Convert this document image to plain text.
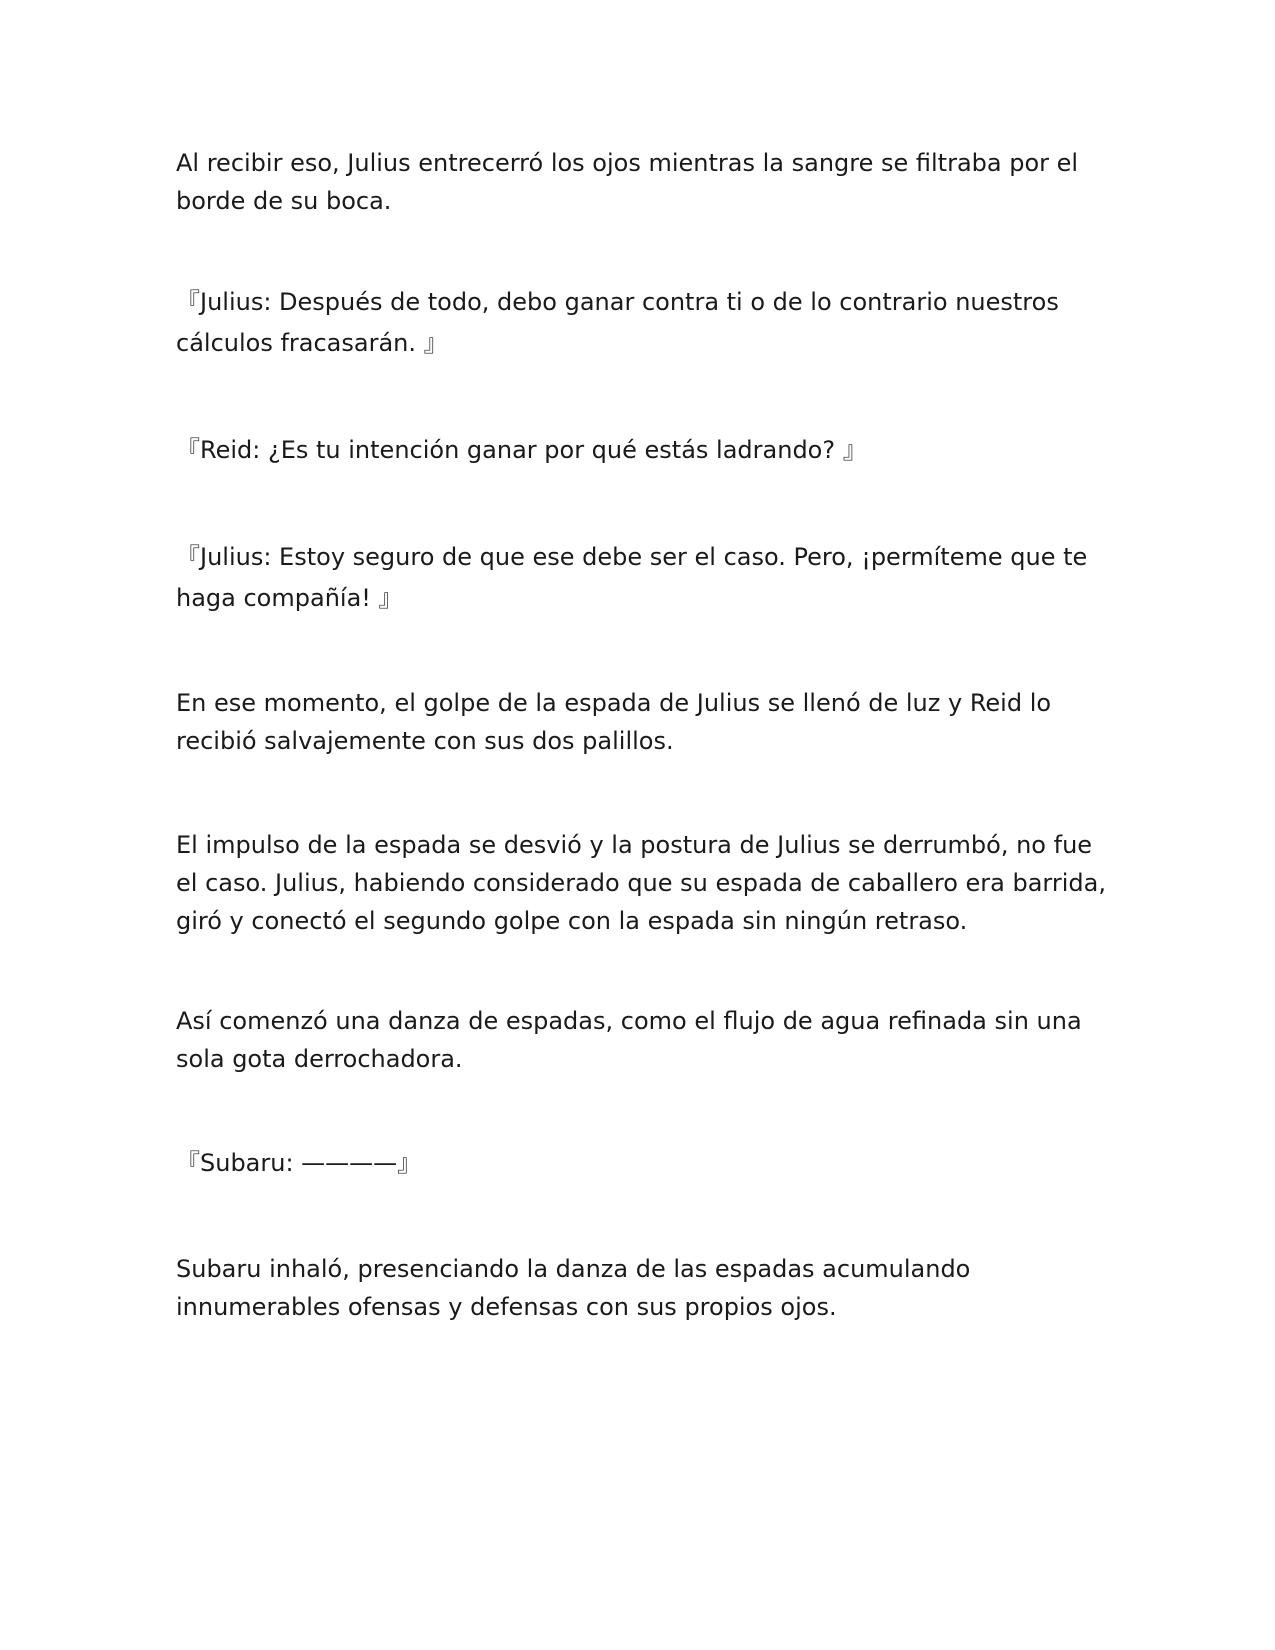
Al recibir eso, Julius entrecerró los ojos mientras la sangre se filtraba por el
borde de su boca.

『Julius: Después de todo, debo ganar contra ti o de lo contrario nuestros
cálculos fracasarán. 』

『Reid: ¿Es tu intención ganar por qué estás ladrando? 』

『Julius: Estoy seguro de que ese debe ser el caso. Pero, ¡permíteme que te
haga compañía! 』

En ese momento, el golpe de la espada de Julius se llenó de luz y Reid lo
recibió salvajemente con sus dos palillos.

El impulso de la espada se desvió y la postura de Julius se derrumbó, no fue
el caso. Julius, habiendo considerado que su espada de caballero era barrida,
giró y conectó el segundo golpe con la espada sin ningún retraso.

Así comenzó una danza de espadas, como el flujo de agua refinada sin una
sola gota derrochadora.

『Subaru: ————』

Subaru inhaló, presenciando la danza de las espadas acumulando
innumerables ofensas y defensas con sus propios ojos.
